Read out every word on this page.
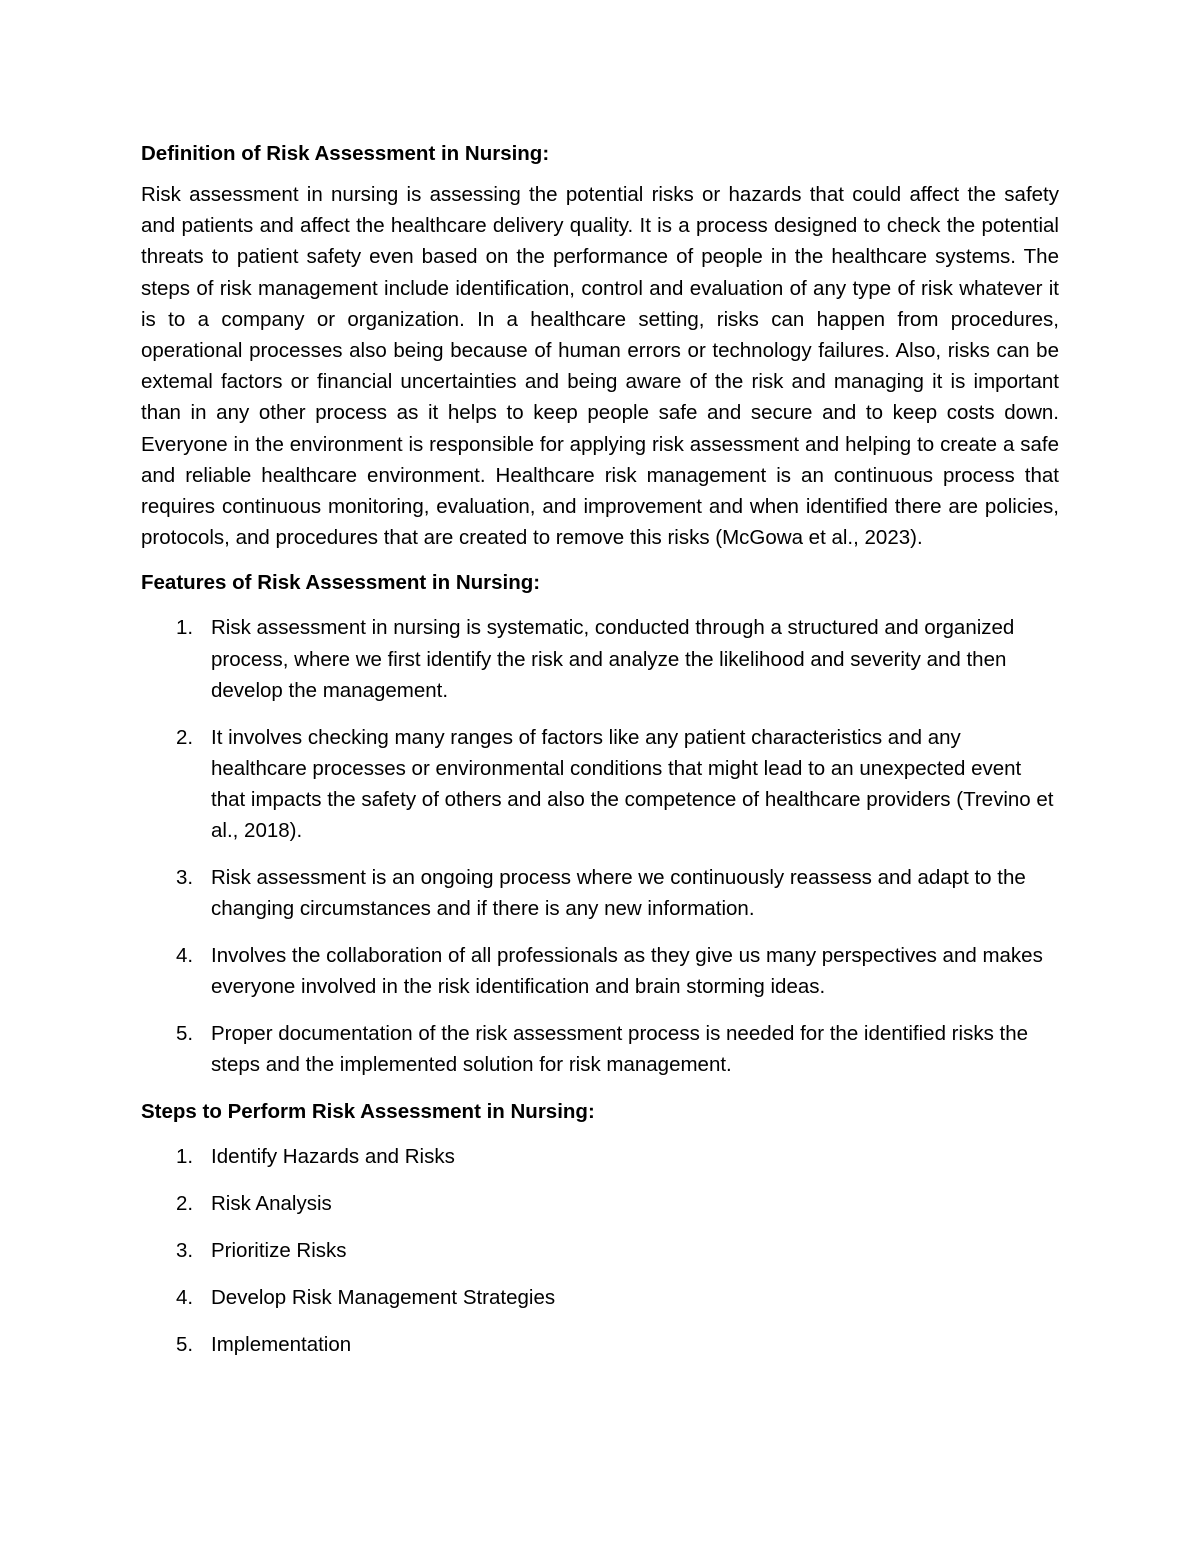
Definition of Risk Assessment in Nursing:

Risk assessment in nursing is assessing the potential risks or hazards that could affect the safety and patients and affect the healthcare delivery quality. It is a process designed to check the potential threats to patient safety even based on the performance of people in the healthcare systems. The steps of risk management include identification, control and evaluation of any type of risk whatever it is to a company or organization. In a healthcare setting, risks can happen from procedures, operational processes also being because of human errors or technology failures. Also, risks can be extemal factors or financial uncertainties and being aware of the risk and managing it is important than in any other process as it helps to keep people safe and secure and to keep costs down. Everyone in the environment is responsible for applying risk assessment and helping to create a safe and reliable healthcare environment. Healthcare risk management is an continuous process that requires continuous monitoring, evaluation, and improvement and when identified there are policies, protocols, and procedures that are created to remove this risks (McGowa et al., 2023).

Features of Risk Assessment in Nursing:
1. Risk assessment in nursing is systematic, conducted through a structured and organized process, where we first identify the risk and analyze the likelihood and severity and then develop the management.
2. It involves checking many ranges of factors like any patient characteristics and any healthcare processes or environmental conditions that might lead to an unexpected event that impacts the safety of others and also the competence of healthcare providers (Trevino et al., 2018).
3. Risk assessment is an ongoing process where we continuously reassess and adapt to the changing circumstances and if there is any new information.
4. Involves the collaboration of all professionals as they give us many perspectives and makes everyone involved in the risk identification and brain storming ideas.
5. Proper documentation of the risk assessment process is needed for the identified risks the steps and the implemented solution for risk management.
Steps to Perform Risk Assessment in Nursing:
1. Identify Hazards and Risks
2. Risk Analysis
3. Prioritize Risks
4. Develop Risk Management Strategies
5. Implementation
